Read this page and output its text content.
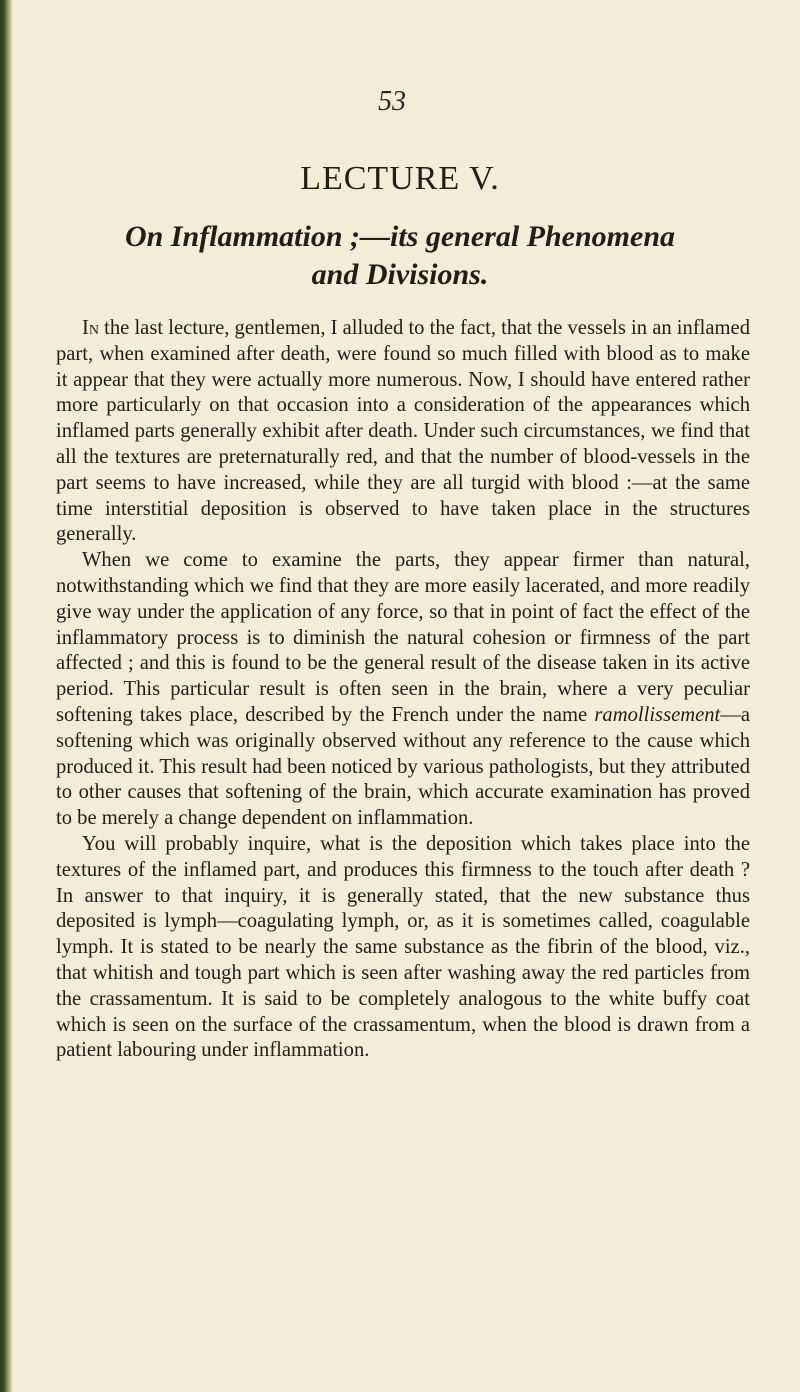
53
LECTURE V.
On Inflammation ;—its general Phenomena and Divisions.

In the last lecture, gentlemen, I alluded to the fact, that the vessels in an inflamed part, when examined after death, were found so much filled with blood as to make it appear that they were actually more numerous. Now, I should have entered rather more particularly on that occasion into a consideration of the appearances which inflamed parts generally exhibit after death. Under such circumstances, we find that all the textures are preternaturally red, and that the number of blood-vessels in the part seems to have increased, while they are all turgid with blood :—at the same time interstitial deposition is observed to have taken place in the structures generally.

When we come to examine the parts, they appear firmer than natural, notwithstanding which we find that they are more easily lacerated, and more readily give way under the application of any force, so that in point of fact the effect of the inflammatory process is to diminish the natural cohesion or firmness of the part affected ; and this is found to be the general result of the disease taken in its active period. This particular result is often seen in the brain, where a very peculiar softening takes place, described by the French under the name ramollissement—a softening which was originally observed without any reference to the cause which produced it. This result had been noticed by various pathologists, but they attributed to other causes that softening of the brain, which accurate examination has proved to be merely a change dependent on inflammation.

You will probably inquire, what is the deposition which takes place into the textures of the inflamed part, and produces this firmness to the touch after death ? In answer to that inquiry, it is generally stated, that the new substance thus deposited is lymph—coagulating lymph, or, as it is sometimes called, coagulable lymph. It is stated to be nearly the same substance as the fibrin of the blood, viz., that whitish and tough part which is seen after washing away the red particles from the crassamentum. It is said to be completely analogous to the white buffy coat which is seen on the surface of the crassamentum, when the blood is drawn from a patient labouring under inflammation.
